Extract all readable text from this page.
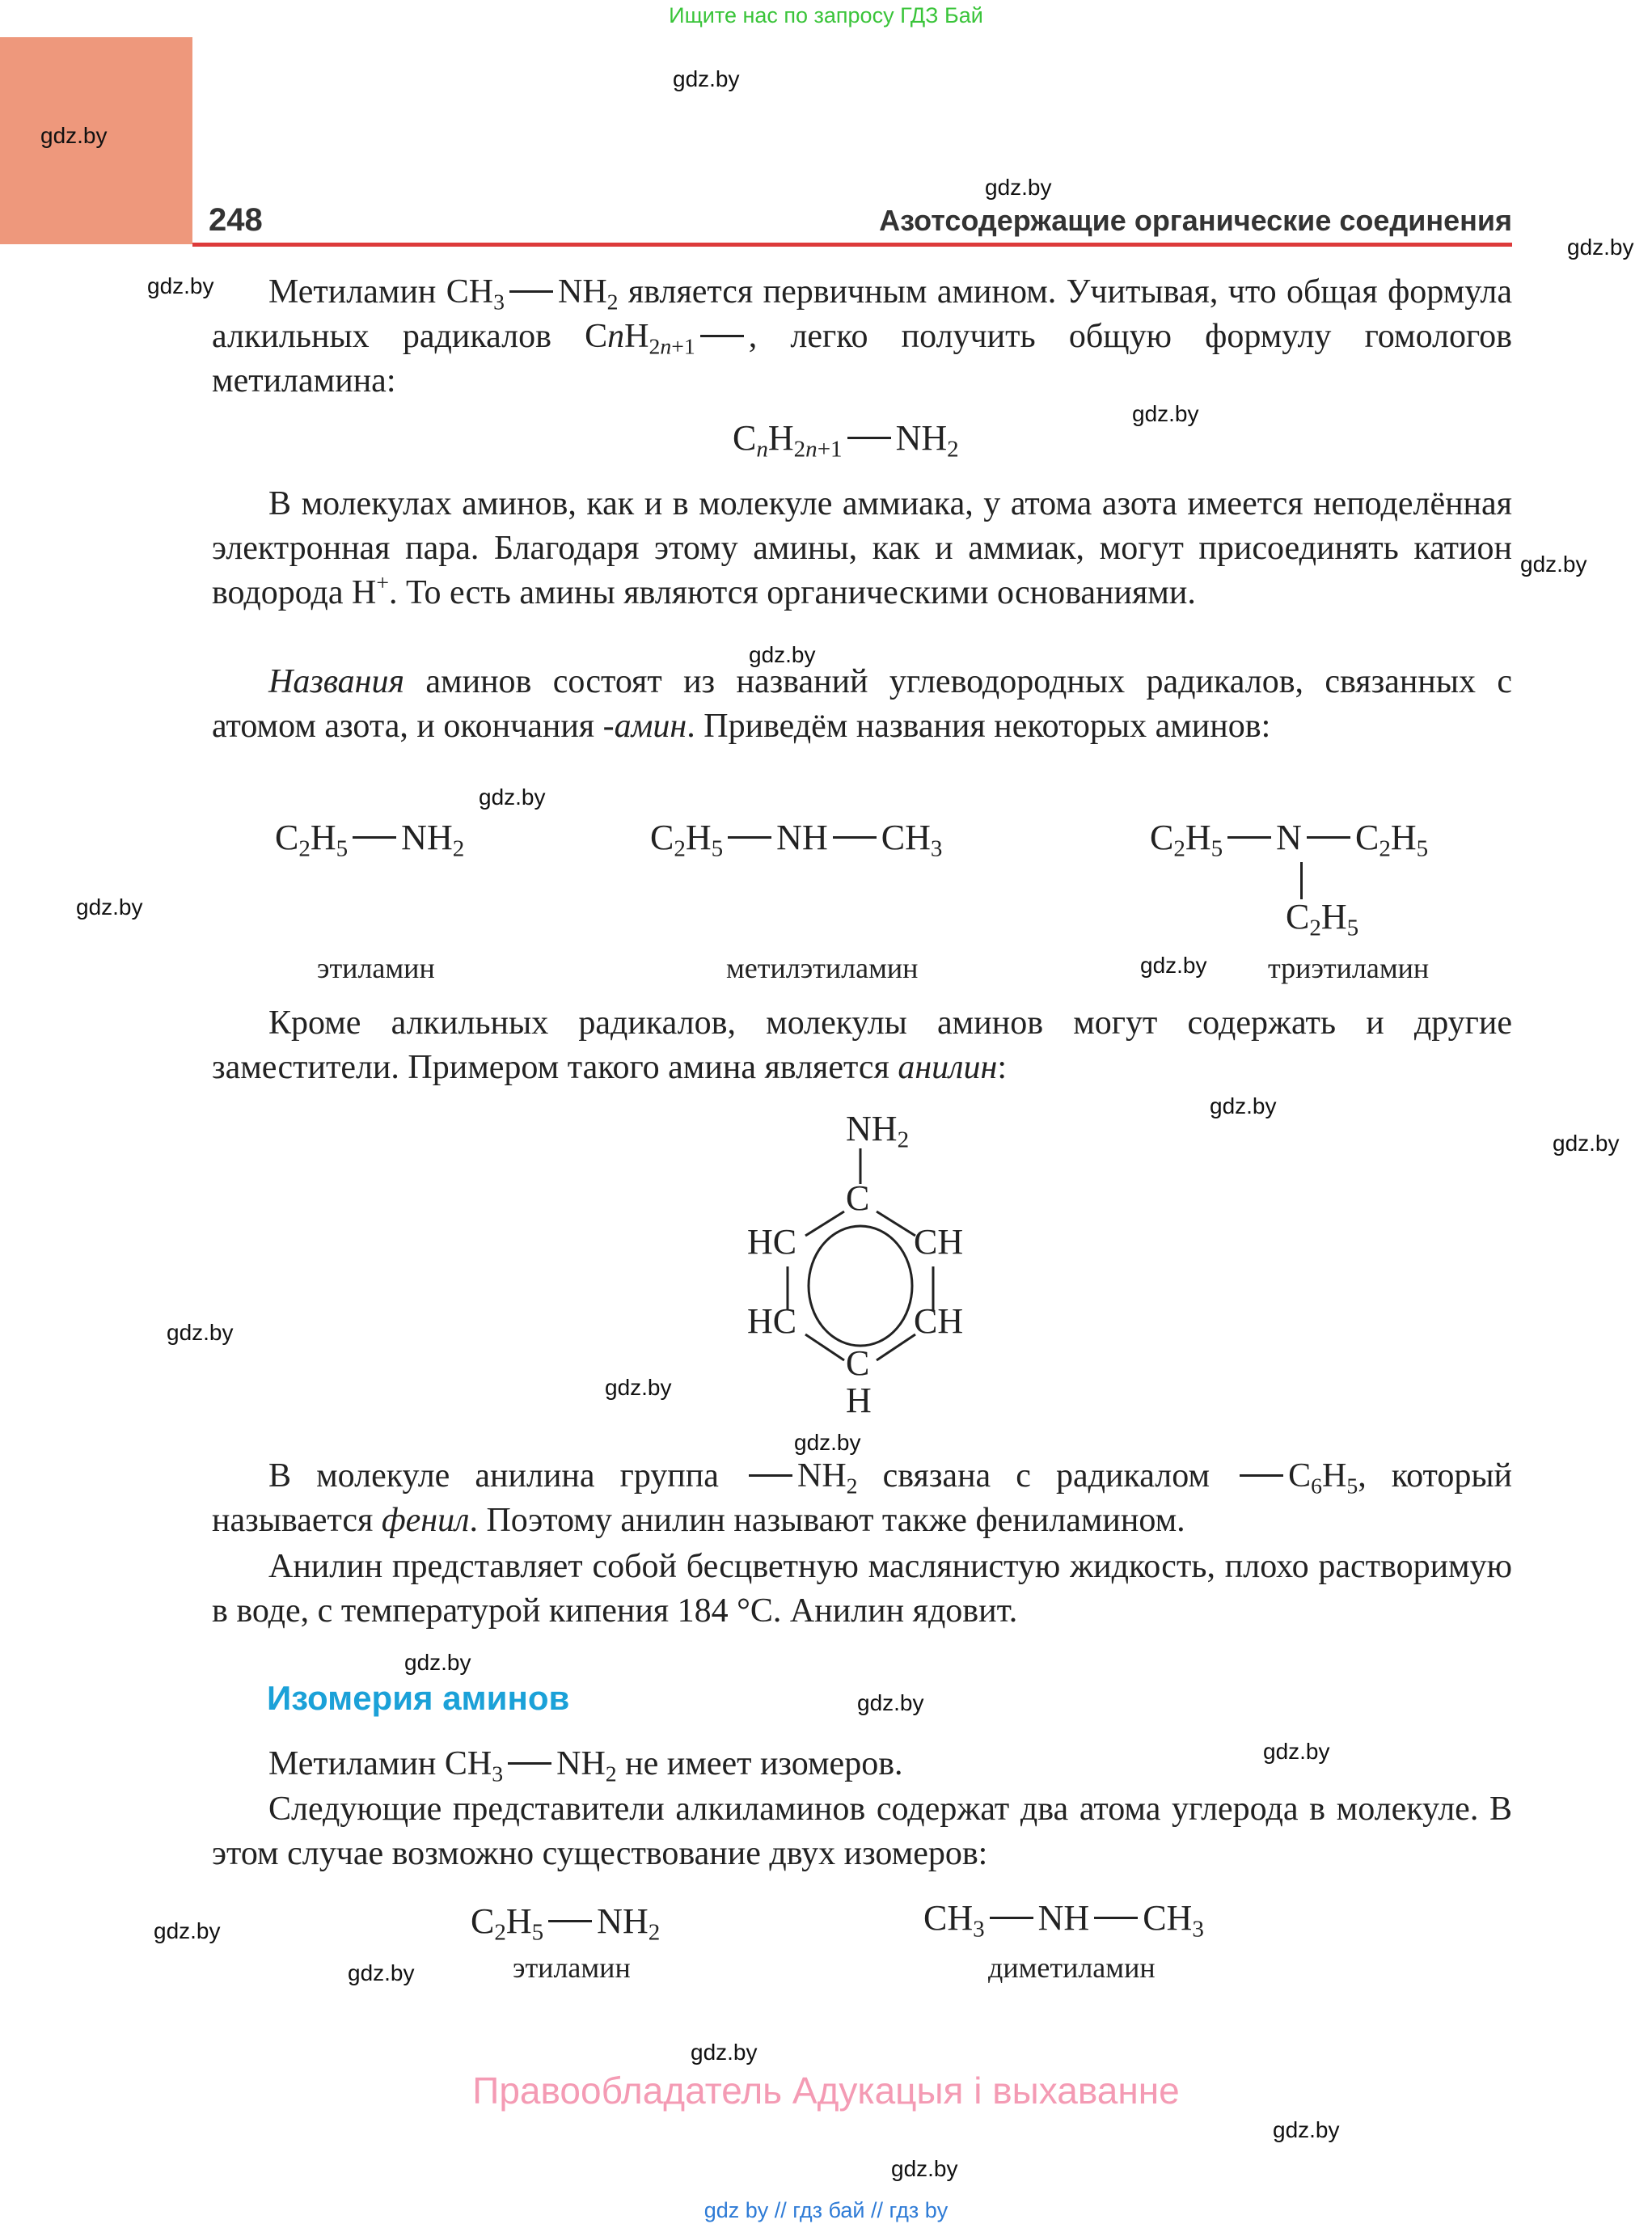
Ищите нас по запросу ГДЗ Бай
248	Азотсодержащие органические соединения
gdz.by
gdz.by
gdz.by
gdz.by
gdz.by
gdz.by
gdz.by
gdz.by
gdz.by
gdz.by
gdz.by
gdz.by
gdz.by
gdz.by
gdz.by
gdz.by
gdz.by
gdz.by
gdz.by
gdz.by
gdz.by
gdz.by
gdz.by
gdz.by
Метиламин $CH_3$ $NH_2$ является первичным амином. Учитывая, что общая формула алкильных радикалов CnH$_{2n+1}$ , легко получить общую формулу гомологов метиламина:
$C_nH_{2n+1}$ $NH_2$
В молекулах аминов, как и в молекуле аммиака, у атома азота имеется неподелённая электронная пара. Благодаря этому амины, как и аммиак, могут присоединять катион водорода H+. То есть амины являются органическими основаниями.
Названия аминов состоят из названий углеводородных радикалов, связанных с атомом азота, и окончания -амин. Приведём названия некоторых аминов:
$C_2H_5$ $NH_2$	$C_2H_5$ NH $CH_3$	$C_2H_5$ N $C_2H_5$
$C_2H_5$
этиламин	метилэтиламин	триэтиламин
Кроме алкильных радикалов, молекулы аминов могут содержать и другие заместители. Примером такого амина является анилин:
$NH_2$
C
HC	CH
HC	CH
C
H
В молекуле анилина группа $NH_2$ связана с радикалом $C_6H_5$, который называется фенил. Поэтому анилин называют также фениламином.
Анилин представляет собой бесцветную маслянистую жидкость, плохо растворимую в воде, с температурой кипения 184 °C. Анилин ядовит.
Изомерия аминов
Метиламин $CH_3$ $NH_2$ не имеет изомеров.
Следующие представители алкиламинов содержат два атома углерода в молекуле. В этом случае возможно существование двух изомеров:
$C_2H_5$ $NH_2$	$CH_3$ NH $CH_3$
этиламин	диметиламин
Правообладатель Адукацыя і выхаванне
gdz by // гдз бай // гдз by
